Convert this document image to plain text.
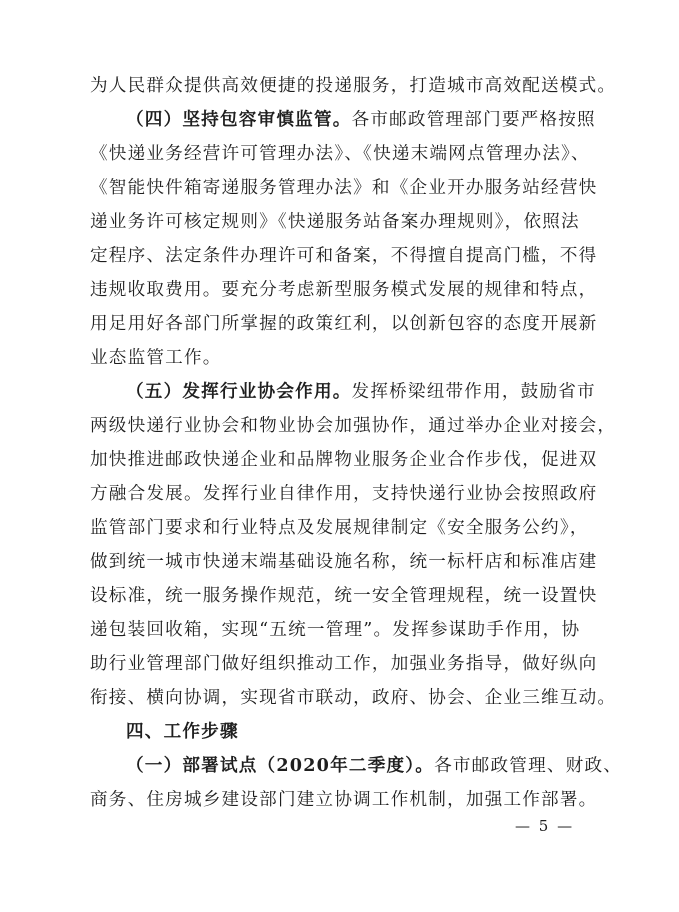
为人民群众提供高效便捷的投递服务，打造城市高效配送模式。
（四）坚持包容审慎监管。各市邮政管理部门要严格按照
《快递业务经营许可管理办法》、《快递末端网点管理办法》、
《智能快件箱寄递服务管理办法》和《企业开办服务站经营快
递业务许可核定规则》《快递服务站备案办理规则》，依照法
定程序、法定条件办理许可和备案，不得擅自提高门槛，不得
违规收取费用。要充分考虑新型服务模式发展的规律和特点，
用足用好各部门所掌握的政策红利，以创新包容的态度开展新
业态监管工作。
（五）发挥行业协会作用。发挥桥梁纽带作用，鼓励省市
两级快递行业协会和物业协会加强协作，通过举办企业对接会，
加快推进邮政快递企业和品牌物业服务企业合作步伐，促进双
方融合发展。发挥行业自律作用，支持快递行业协会按照政府
监管部门要求和行业特点及发展规律制定《安全服务公约》，
做到统一城市快递末端基础设施名称，统一标杆店和标准店建
设标准，统一服务操作规范，统一安全管理规程，统一设置快
递包装回收箱，实现“五统一管理”。发挥参谋助手作用，协
助行业管理部门做好组织推动工作，加强业务指导，做好纵向
衔接、横向协调，实现省市联动，政府、协会、企业三维互动。
四、工作步骤
（一）部署试点（2020年二季度）。各市邮政管理、财政、
商务、住房城乡建设部门建立协调工作机制，加强工作部署。
— 5 —
